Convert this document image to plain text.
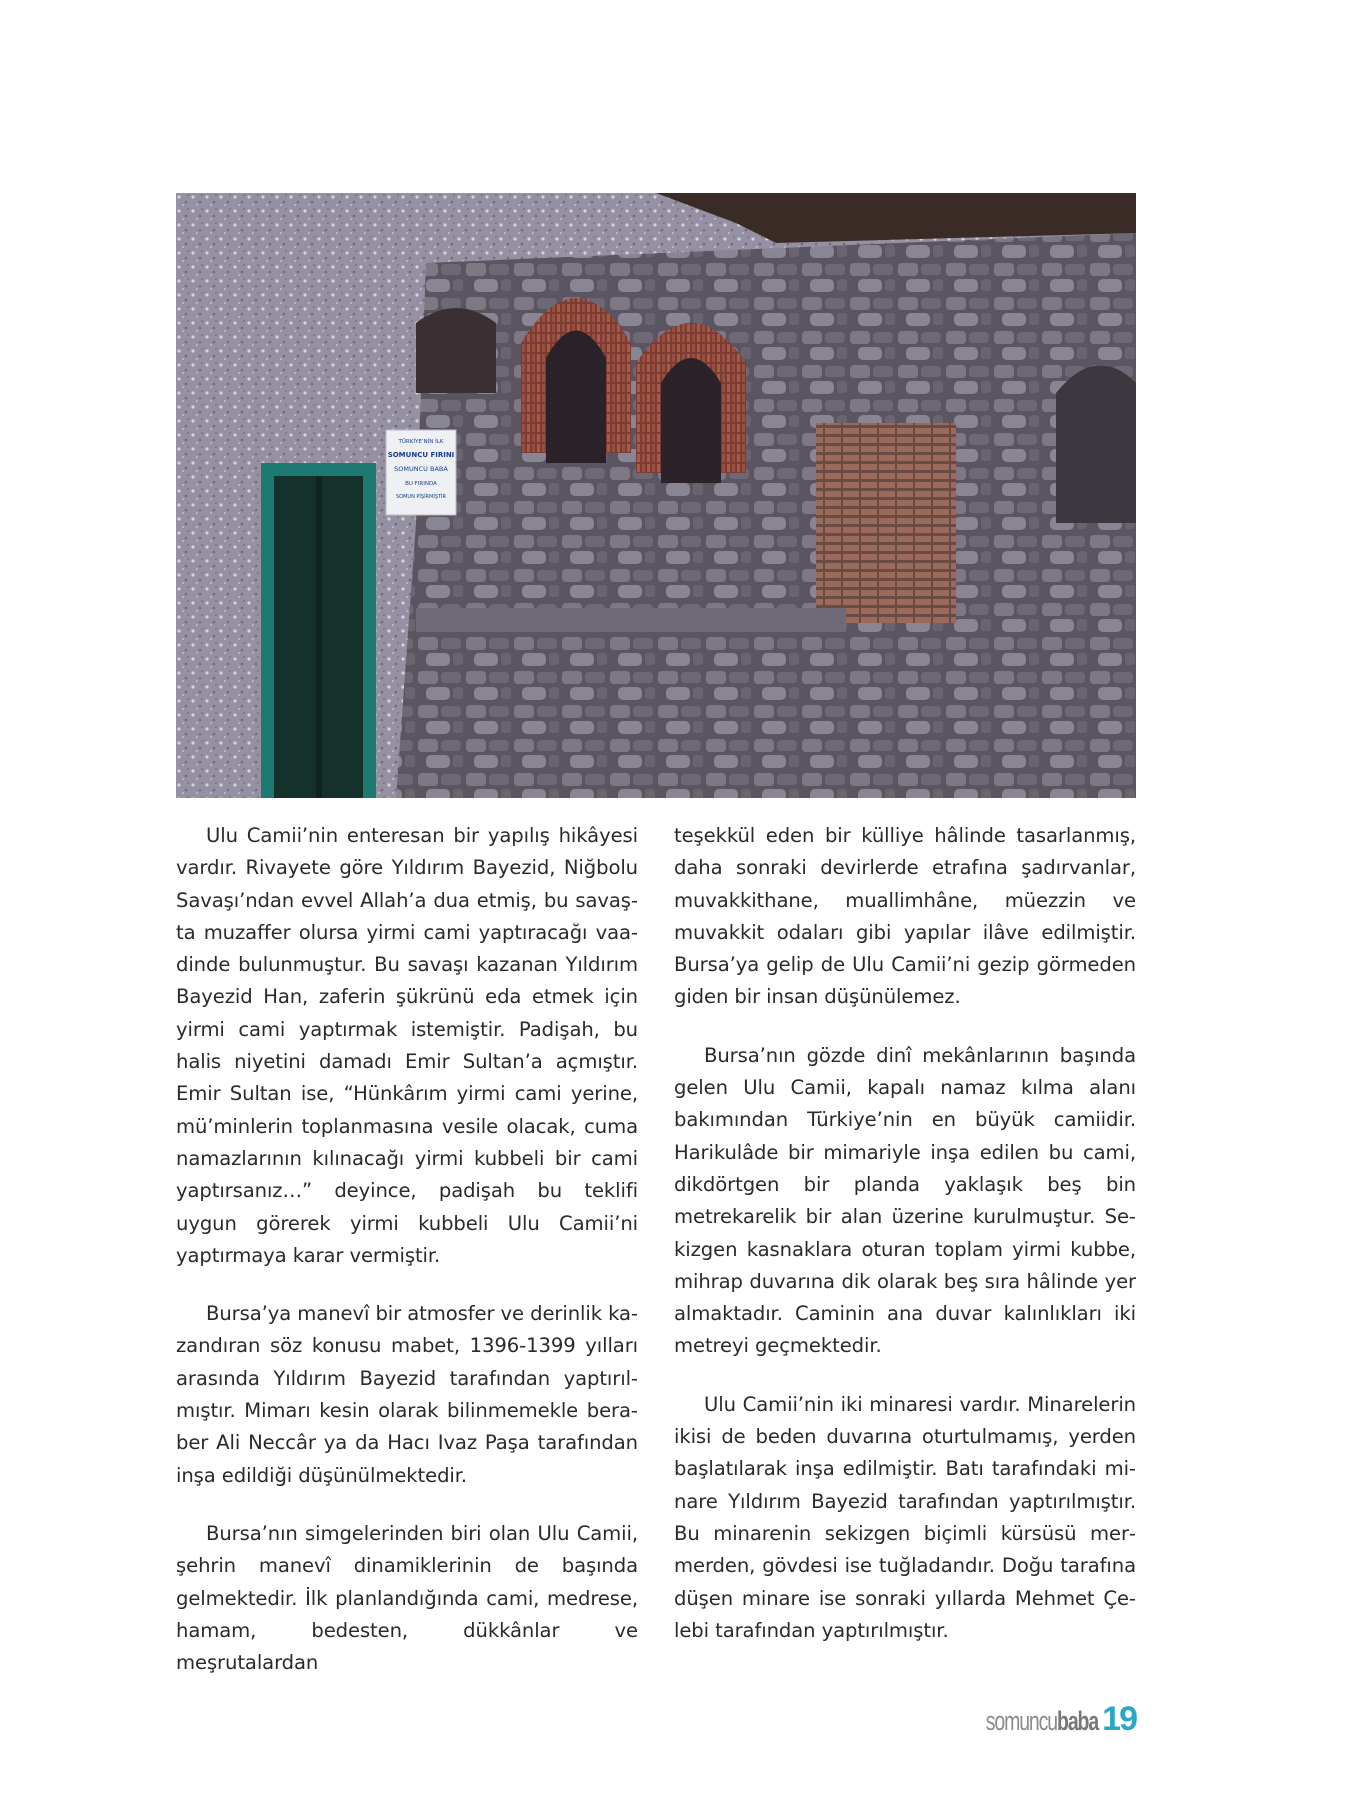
TÜRKİYE’NİN İLK
SOMUNCU FIRINI
SOMUNCU BABA
BU FIRINDA
SOMUN PİŞİRMİŞTİR

Ulu Camii’nin enteresan bir yapılış hikâyesi vardır. Rivayete göre Yıldırım Bayezid, Niğbolu Savaşı’ndan evvel Allah’a dua etmiş, bu savaşta muzaffer olursa yirmi cami yaptıracağı vaadinde bulunmuştur. Bu savaşı kazanan Yıldırım Bayezid Han, zaferin şükrünü eda etmek için yirmi cami yaptırmak istemiştir. Padişah, bu halis niyetini damadı Emir Sultan’a açmıştır. Emir Sultan ise, “Hünkârım yirmi cami yerine, mü’minlerin toplanmasına vesile olacak, cuma namazlarının kılınacağı yirmi kubbeli bir cami yaptırsanız…” deyince, padişah bu teklifi uygun görerek yirmi kubbeli Ulu Camii’ni yaptırmaya karar vermiştir.

Bursa’ya manevî bir atmosfer ve derinlik kazandıran söz konusu mabet, 1396-1399 yılları arasında Yıldırım Bayezid tarafından yaptırılmıştır. Mimarı kesin olarak bilinmemekle beraber Ali Neccâr ya da Hacı Ivaz Paşa tarafından inşa edildiği düşünülmektedir.

Bursa’nın simgelerinden biri olan Ulu Camii, şehrin manevî dinamiklerinin de başında gelmektedir. İlk planlandığında cami, medrese, hamam, bedesten, dükkânlar ve meşrutalardan

teşekkül eden bir külliye hâlinde tasarlanmış, daha sonraki devirlerde etrafına şadırvanlar, muvakkithane, muallimhâne, müezzin ve muvakkit odaları gibi yapılar ilâve edilmiştir. Bursa’ya gelip de Ulu Camii’ni gezip görmeden giden bir insan düşünülemez.

Bursa’nın gözde dinî mekânlarının başında gelen Ulu Camii, kapalı namaz kılma alanı bakımından Türkiye’nin en büyük camiidir. Harikulâde bir mimariyle inşa edilen bu cami, dikdörtgen bir planda yaklaşık beş bin metrekarelik bir alan üzerine kurulmuştur. Sekizgen kasnaklara oturan toplam yirmi kubbe, mihrap duvarına dik olarak beş sıra hâlinde yer almaktadır. Caminin ana duvar kalınlıkları iki metreyi geçmektedir.

Ulu Camii’nin iki minaresi vardır. Minarelerin ikisi de beden duvarına oturtulmamış, yerden başlatılarak inşa edilmiştir. Batı tarafındaki minare Yıldırım Bayezid tarafından yaptırılmıştır. Bu minarenin sekizgen biçimli kürsüsü mermerden, gövdesi ise tuğladandır. Doğu tarafına düşen minare ise sonraki yıllarda Mehmet Çelebi tarafından yaptırılmıştır.

somuncubaba 19
